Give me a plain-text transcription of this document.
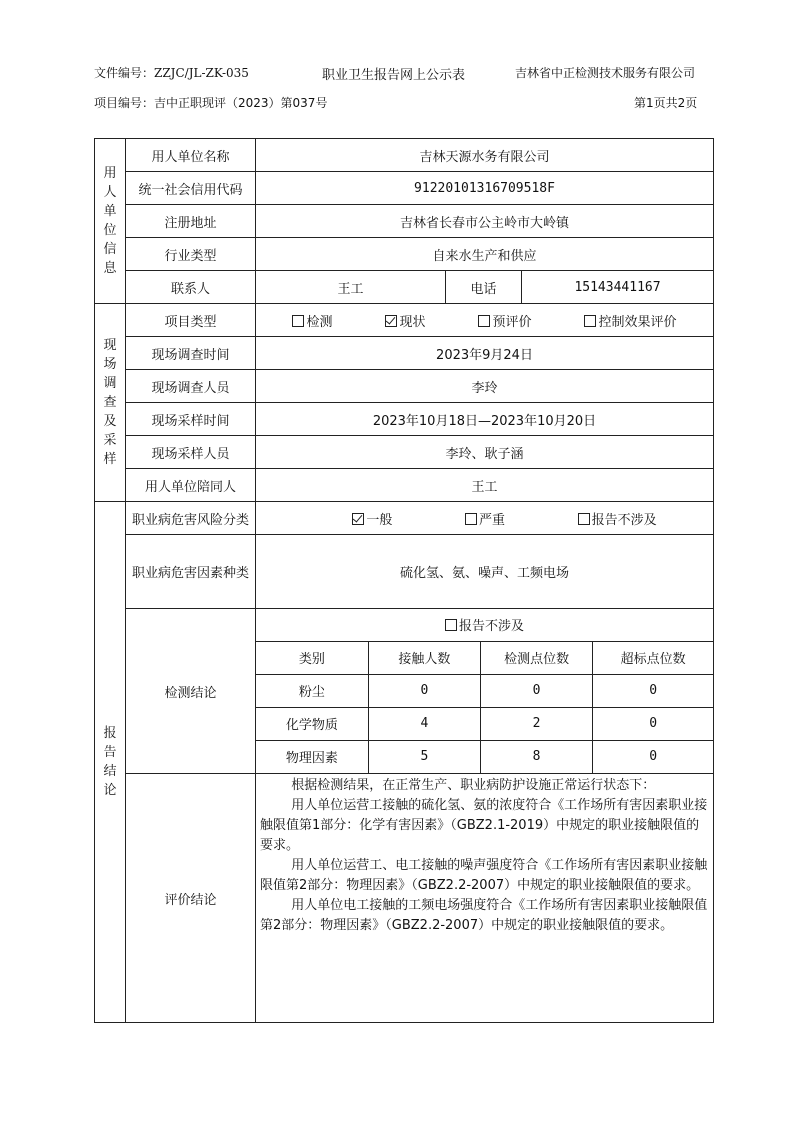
文件编号：ZZJC/JL-ZK-035	职业卫生报告网上公示表	吉林省中正检测技术服务有限公司
项目编号：吉中正职现评（2023）第037号	第1页共2页
用
人
单
位
信
息
	用人单位名称	吉林天源水务有限公司
统一社会信用代码	91220101316709518F
注册地址	吉林省长春市公主岭市大岭镇
行业类型	自来水生产和供应
联系人	王工	电话	15143441167

现
场
调
查
及
采
样
	项目类型	检测	现状	预评价	控制效果评价

现场调查时间	2023年9月24日
现场调查人员	李玲
现场采样时间	2023年10月18日—2023年10月20日
现场采样人员	李玲、耿子涵
用人单位陪同人	王工

报
告
结
论
	职业病危害风险分类	一般	严重	报告不涉及

职业病危害因素种类	硫化氢、氨、噪声、工频电场
检测结论	
报告不涉及
类别	接触人数	检测点位数	超标点位数
粉尘	0	0	0
化学物质	4	2	0
物理因素	5	8	0

评价结论	

根据检测结果，在正常生产、职业病防护设施正常运行状态下：

用人单位运营工接触的硫化氢、氨的浓度符合《工作场所有害因素职业接触限值第1部分：化学有害因素》（GBZ2.1-2019）中规定的职业接触限值的要求。

用人单位运营工、电工接触的噪声强度符合《工作场所有害因素职业接触限值第2部分：物理因素》（GBZ2.2-2007）中规定的职业接触限值的要求。

用人单位电工接触的工频电场强度符合《工作场所有害因素职业接触限值第2部分：物理因素》（GBZ2.2-2007）中规定的职业接触限值的要求。
